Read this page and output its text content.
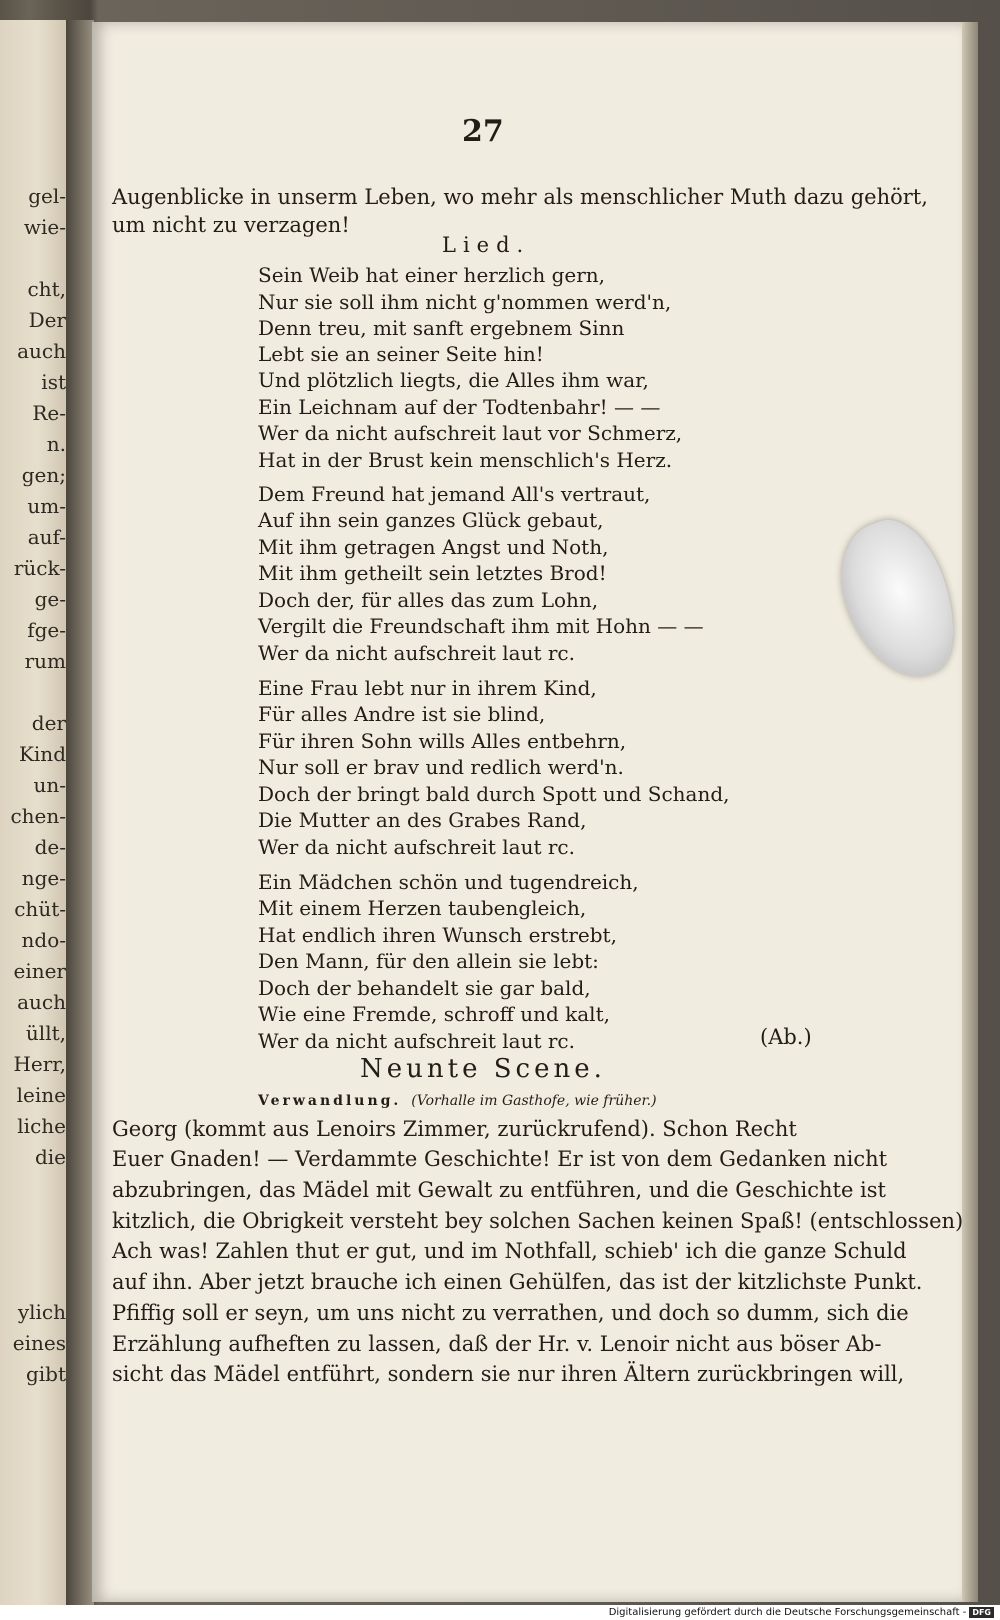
gel-
wie-
cht,
Der
auch
ist
Re-
n.
gen;
um-
auf-
rück-
ge-
fge-
rum
der
Kind
un-
chen-
de-
nge-
chüt-
ndo-
einer
auch
üllt,
Herr,
leine
liche
die
ylich
eines
gibt

27
Augenblicke in unserm Leben, wo mehr als menschlicher Muth dazu gehört,
um nicht zu verzagen!
Lied.
Sein Weib hat einer herzlich gern,
Nur sie soll ihm nicht g'nommen werd'n,
Denn treu, mit sanft ergebnem Sinn
Lebt sie an seiner Seite hin!
Und plötzlich liegts, die Alles ihm war,
Ein Leichnam auf der Todtenbahr! — —
Wer da nicht aufschreit laut vor Schmerz,
Hat in der Brust kein menschlich's Herz.
Dem Freund hat jemand All's vertraut,
Auf ihn sein ganzes Glück gebaut,
Mit ihm getragen Angst und Noth,
Mit ihm getheilt sein letztes Brod!
Doch der, für alles das zum Lohn,
Vergilt die Freundschaft ihm mit Hohn — —
Wer da nicht aufschreit laut rc.
Eine Frau lebt nur in ihrem Kind,
Für alles Andre ist sie blind,
Für ihren Sohn wills Alles entbehrn,
Nur soll er brav und redlich werd'n.
Doch der bringt bald durch Spott und Schand,
Die Mutter an des Grabes Rand,
Wer da nicht aufschreit laut rc.
Ein Mädchen schön und tugendreich,
Mit einem Herzen taubengleich,
Hat endlich ihren Wunsch erstrebt,
Den Mann, für den allein sie lebt:
Doch der behandelt sie gar bald,
Wie eine Fremde, schroff und kalt,
Wer da nicht aufschreit laut rc.	(Ab.)
Neunte Scene.
Verwandlung. (Vorhalle im Gasthofe, wie früher.)
Georg (kommt aus Lenoirs Zimmer, zurückrufend). Schon Recht
Euer Gnaden! — Verdammte Geschichte! Er ist von dem Gedanken nicht
abzubringen, das Mädel mit Gewalt zu entführen, und die Geschichte ist
kitzlich, die Obrigkeit versteht bey solchen Sachen keinen Spaß! (entschlossen)
Ach was! Zahlen thut er gut, und im Nothfall, schieb' ich die ganze Schuld
auf ihn. Aber jetzt brauche ich einen Gehülfen, das ist der kitzlichste Punkt.
Pfiffig soll er seyn, um uns nicht zu verrathen, und doch so dumm, sich die
Erzählung aufheften zu lassen, daß der Hr. v. Lenoir nicht aus böser Ab-
sicht das Mädel entführt, sondern sie nur ihren Ältern zurückbringen will,
Digitalisierung gefördert durch die Deutsche Forschungsgemeinschaft - DFG
